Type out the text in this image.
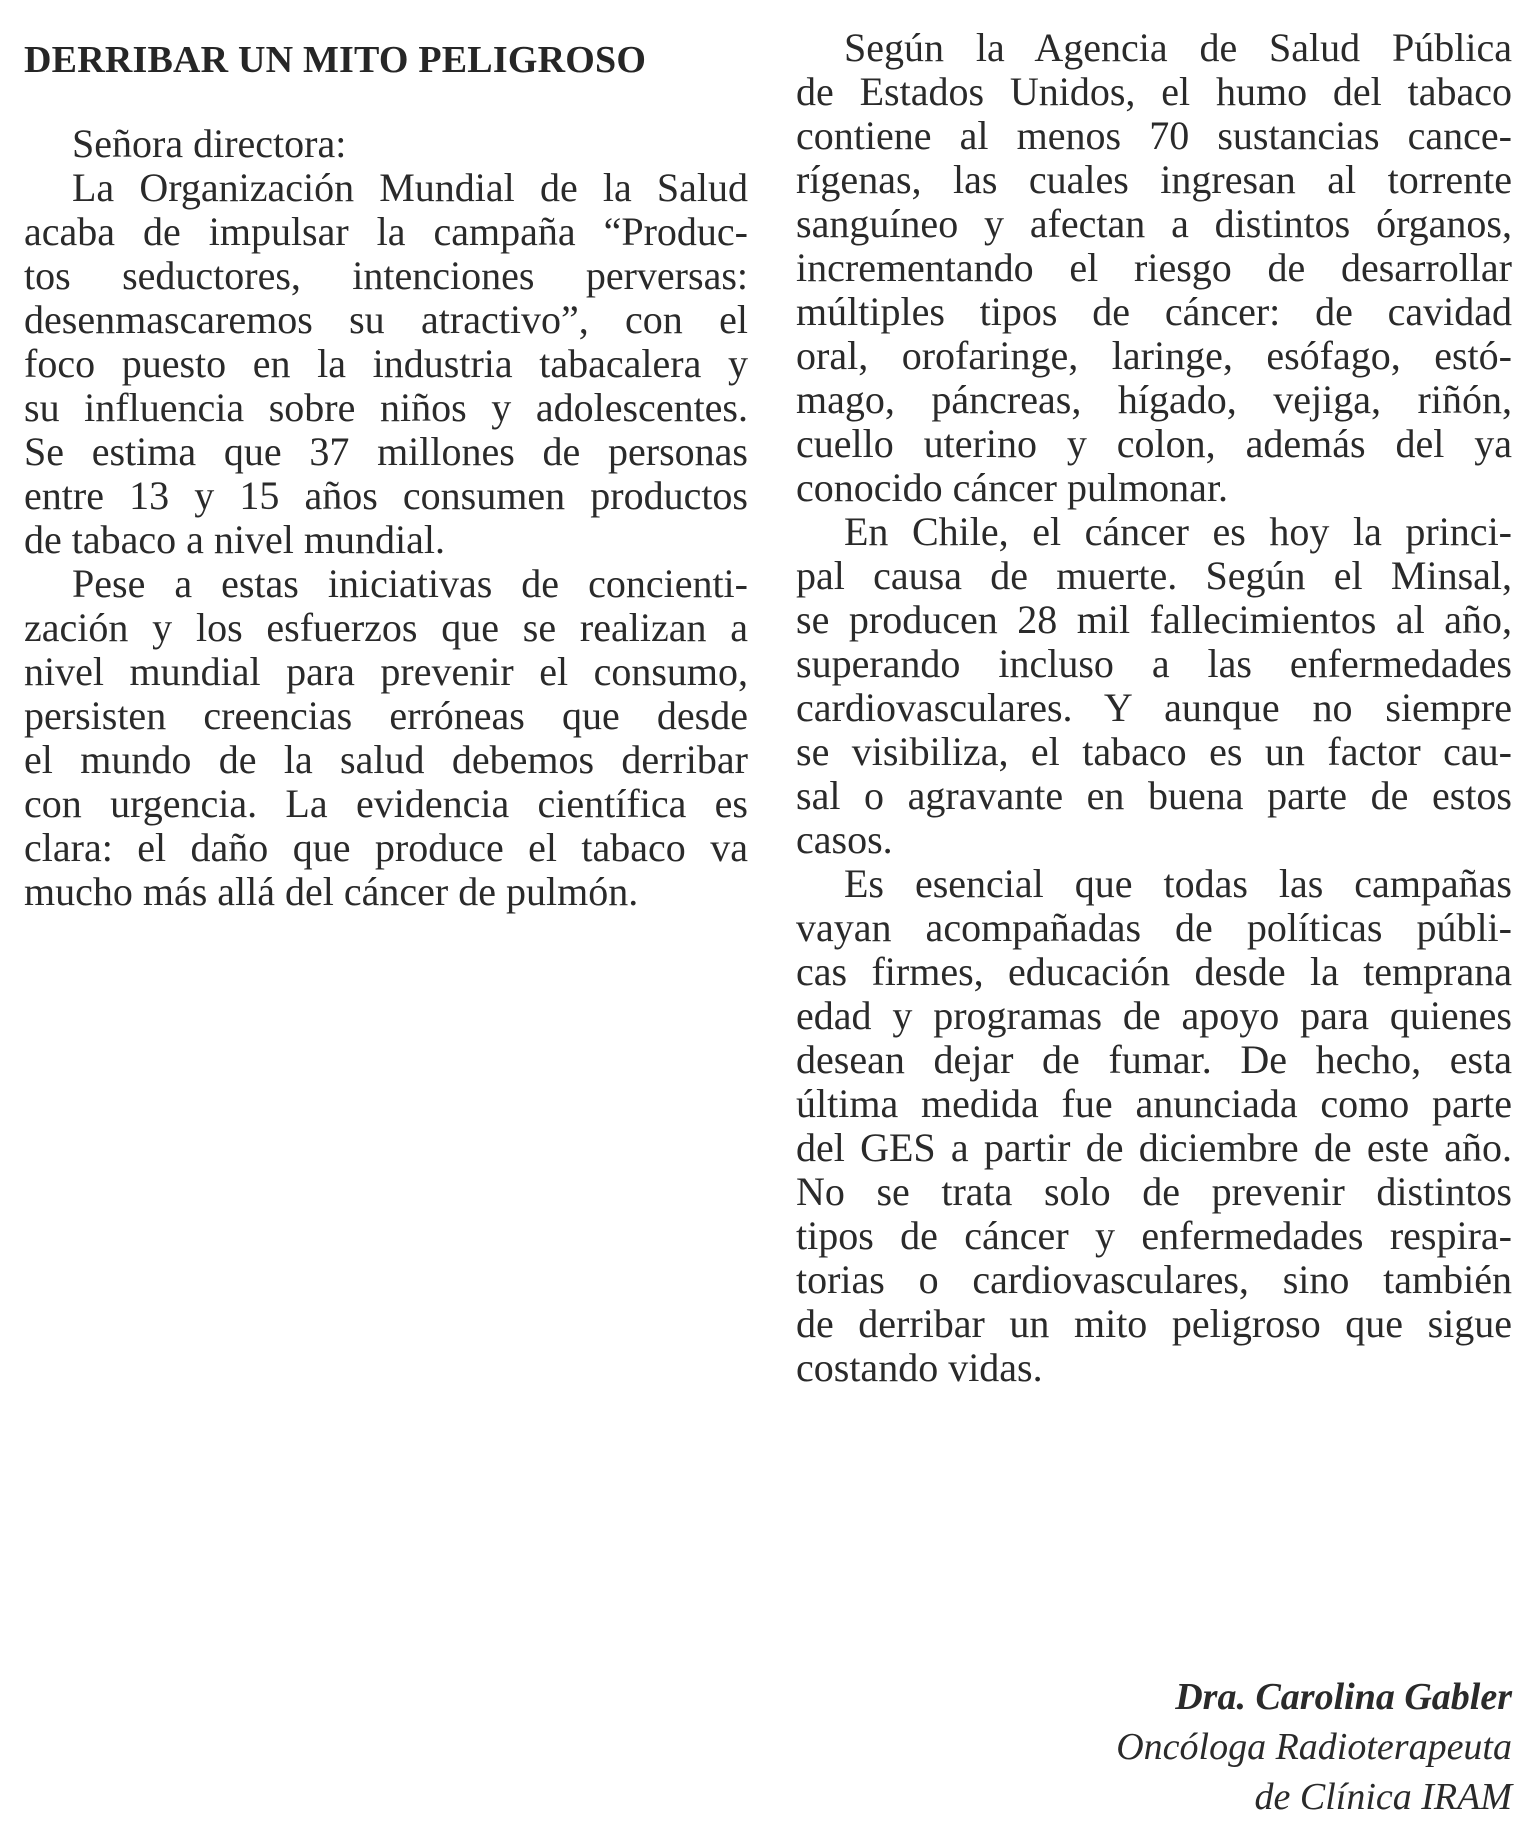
DERRIBAR UN MITO PELIGROSO
Señora directora:
La Organización Mundial de la Salud
acaba de impulsar la campaña “Produc-
tos seductores, intenciones perversas:
desenmascaremos su atractivo”, con el
foco puesto en la industria tabacalera y
su influencia sobre niños y adolescentes.
Se estima que 37 millones de personas
entre 13 y 15 años consumen productos
de tabaco a nivel mundial.
Pese a estas iniciativas de concienti-
zación y los esfuerzos que se realizan a
nivel mundial para prevenir el consumo,
persisten creencias erróneas que desde
el mundo de la salud debemos derribar
con urgencia. La evidencia científica es
clara: el daño que produce el tabaco va
mucho más allá del cáncer de pulmón.
Según la Agencia de Salud Pública
de Estados Unidos, el humo del tabaco
contiene al menos 70 sustancias cance-
rígenas, las cuales ingresan al torrente
sanguíneo y afectan a distintos órganos,
incrementando el riesgo de desarrollar
múltiples tipos de cáncer: de cavidad
oral, orofaringe, laringe, esófago, estó-
mago, páncreas, hígado, vejiga, riñón,
cuello uterino y colon, además del ya
conocido cáncer pulmonar.
En Chile, el cáncer es hoy la princi-
pal causa de muerte. Según el Minsal,
se producen 28 mil fallecimientos al año,
superando incluso a las enfermedades
cardiovasculares. Y aunque no siempre
se visibiliza, el tabaco es un factor cau-
sal o agravante en buena parte de estos
casos.
Es esencial que todas las campañas
vayan acompañadas de políticas públi-
cas firmes, educación desde la temprana
edad y programas de apoyo para quienes
desean dejar de fumar. De hecho, esta
última medida fue anunciada como parte
del GES a partir de diciembre de este año.
No se trata solo de prevenir distintos
tipos de cáncer y enfermedades respira-
torias o cardiovasculares, sino también
de derribar un mito peligroso que sigue
costando vidas.
Dra. Carolina Gabler
Oncóloga Radioterapeuta
de Clínica IRAM
